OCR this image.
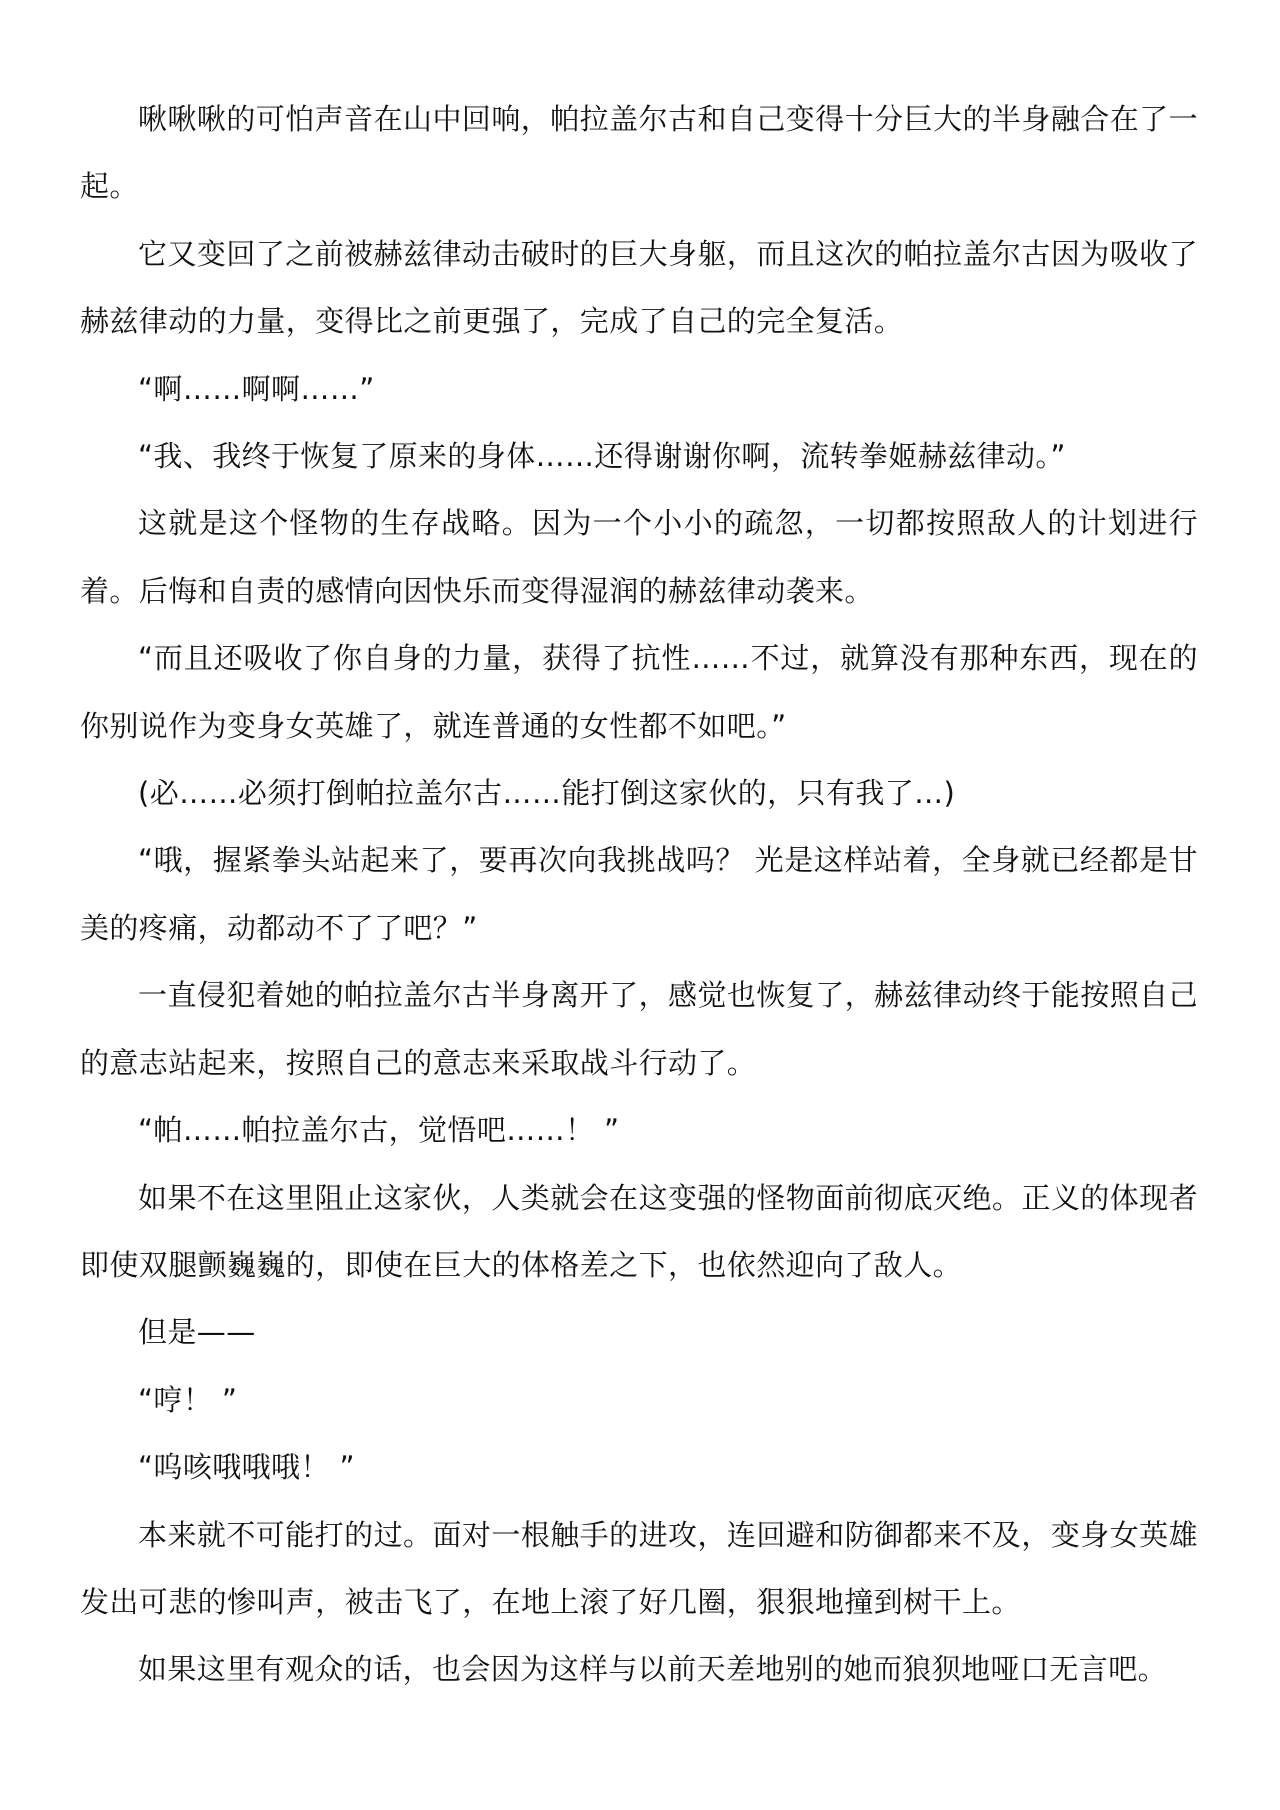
啾啾啾的可怕声音在山中回响，帕拉盖尔古和自己变得十分巨大的半身融合在了一起。

它又变回了之前被赫兹律动击破时的巨大身躯，而且这次的帕拉盖尔古因为吸收了赫兹律动的力量，变得比之前更强了，完成了自己的完全复活。

“啊……啊啊……”

“我、我终于恢复了原来的身体……还得谢谢你啊，流转拳姬赫兹律动。”

这就是这个怪物的生存战略。因为一个小小的疏忽，一切都按照敌人的计划进行着。后悔和自责的感情向因快乐而变得湿润的赫兹律动袭来。

“而且还吸收了你自身的力量，获得了抗性……不过，就算没有那种东西，现在的你别说作为变身女英雄了，就连普通的女性都不如吧。”

(必……必须打倒帕拉盖尔古……能打倒这家伙的，只有我了…)

“哦，握紧拳头站起来了，要再次向我挑战吗？ 光是这样站着，全身就已经都是甘美的疼痛，动都动不了了吧？”

一直侵犯着她的帕拉盖尔古半身离开了，感觉也恢复了，赫兹律动终于能按照自己的意志站起来，按照自己的意志来采取战斗行动了。

“帕……帕拉盖尔古，觉悟吧……！ ”

如果不在这里阻止这家伙，人类就会在这变强的怪物面前彻底灭绝。正义的体现者即使双腿颤巍巍的，即使在巨大的体格差之下，也依然迎向了敌人。

但是——

“哼！ ”

“呜咳哦哦哦！ ”

本来就不可能打的过。面对一根触手的进攻，连回避和防御都来不及，变身女英雄发出可悲的惨叫声，被击飞了，在地上滚了好几圈，狠狠地撞到树干上。

如果这里有观众的话，也会因为这样与以前天差地别的她而狼狈地哑口无言吧。
